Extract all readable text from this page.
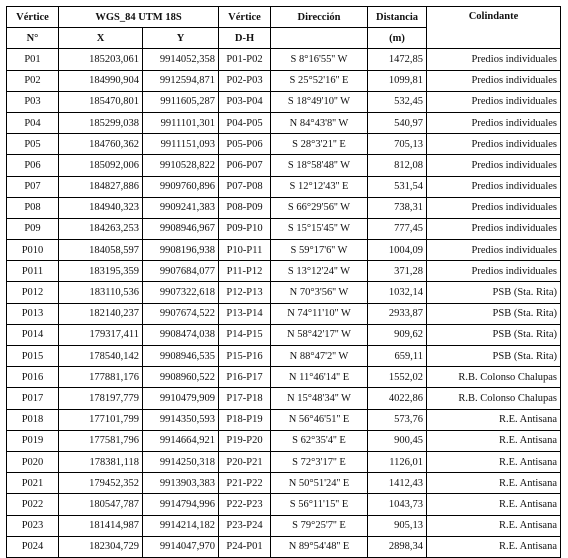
Vértice	WGS_84 UTM 18S		Vértice	Dirección	Distancia	Colindante
N°	X	Y	D-H		(m)	
P01	185203,061	9914052,358	P01-P02	S 8°16'55'' W	1472,85	Predios individuales
P02	184990,904	9912594,871	P02-P03	S 25°52'16'' E	1099,81	Predios individuales
P03	185470,801	9911605,287	P03-P04	S 18°49'10'' W	532,45	Predios individuales
P04	185299,038	9911101,301	P04-P05	N 84°43'8'' W	540,97	Predios individuales
P05	184760,362	9911151,093	P05-P06	S 28°3'21'' E	705,13	Predios individuales
P06	185092,006	9910528,822	P06-P07	S 18°58'48'' W	812,08	Predios individuales
P07	184827,886	9909760,896	P07-P08	S 12°12'43'' E	531,54	Predios individuales
P08	184940,323	9909241,383	P08-P09	S 66°29'56'' W	738,31	Predios individuales
P09	184263,253	9908946,967	P09-P10	S 15°15'45'' W	777,45	Predios individuales
P010	184058,597	9908196,938	P10-P11	S 59°17'6'' W	1004,09	Predios individuales
P011	183195,359	9907684,077	P11-P12	S 13°12'24'' W	371,28	Predios individuales
P012	183110,536	9907322,618	P12-P13	N 70°3'56'' W	1032,14	PSB (Sta. Rita)
P013	182140,237	9907674,522	P13-P14	N 74°11'10'' W	2933,87	PSB (Sta. Rita)
P014	179317,411	9908474,038	P14-P15	N 58°42'17'' W	909,62	PSB (Sta. Rita)
P015	178540,142	9908946,535	P15-P16	N 88°47'2'' W	659,11	PSB (Sta. Rita)
P016	177881,176	9908960,522	P16-P17	N 11°46'14'' E	1552,02	R.B. Colonso Chalupas
P017	178197,779	9910479,909	P17-P18	N 15°48'34'' W	4022,86	R.B. Colonso Chalupas
P018	177101,799	9914350,593	P18-P19	N 56°46'51'' E	573,76	R.E. Antisana
P019	177581,796	9914664,921	P19-P20	S 62°35'4'' E	900,45	R.E. Antisana
P020	178381,118	9914250,318	P20-P21	S 72°3'17'' E	1126,01	R.E. Antisana
P021	179452,352	9913903,383	P21-P22	N 50°51'24'' E	1412,43	R.E. Antisana
P022	180547,787	9914794,996	P22-P23	S 56°11'15'' E	1043,73	R.E. Antisana
P023	181414,987	9914214,182	P23-P24	S 79°25'7'' E	905,13	R.E. Antisana
P024	182304,729	9914047,970	P24-P01	N 89°54'48'' E	2898,34	R.E. Antisana
